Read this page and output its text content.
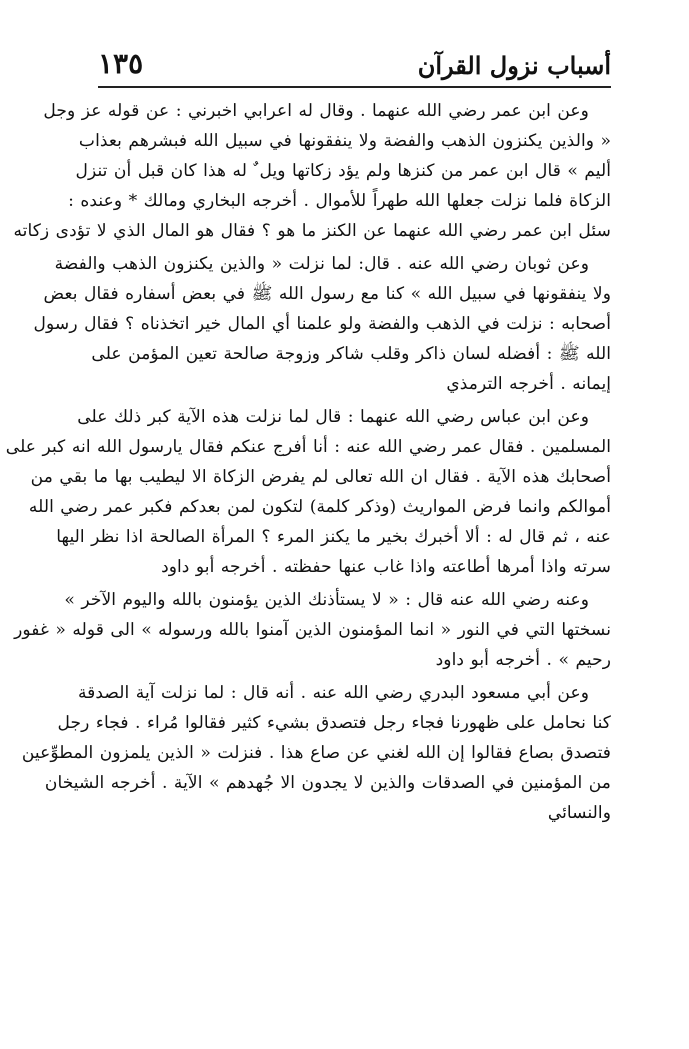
أسباب نزول القرآن
١٣٥
وعن ابن عمر رضي الله عنهما . وقال له اعرابي اخبرني : عن قوله عز وجل
« والذين يكنزون الذهب والفضة ولا ينفقونها في سبيل الله فبشرهم بعذاب
أليم » قال ابن عمر من كنزها ولم يؤد زكاتها ويل ٌ له هذا كان قبل أن تنزل
الزكاة فلما نزلت جعلها الله طهراً للأموال . أخرجه البخاري ومالك * وعنده :
سئل ابن عمر رضي الله عنهما عن الكنز ما هو ؟ فقال هو المال الذي لا تؤدى زكاته
وعن ثوبان رضي الله عنه . قال: لما نزلت « والذين يكنزون الذهب والفضة
ولا ينفقونها في سبيل الله » كنا مع رسول الله ﷺ في بعض أسفاره فقال بعض
أصحابه : نزلت في الذهب والفضة ولو علمنا أي المال خير اتخذناه ؟ فقال رسول
الله ﷺ : أفضله لسان ذاكر وقلب شاكر وزوجة صالحة تعين المؤمن على
إيمانه . أخرجه الترمذي
وعن ابن عباس رضي الله عنهما : قال لما نزلت هذه الآية كبر ذلك على
المسلمين . فقال عمر رضي الله عنه : أنا أفرج عنكم فقال يارسول الله انه كبر على
أصحابك هذه الآية . فقال ان الله تعالى لم يفرض الزكاة الا ليطيب بها ما بقي من
أموالكم وانما فرض المواريث (وذكر كلمة) لتكون لمن بعدكم فكبر عمر رضي الله
عنه ، ثم قال له : ألا أخبرك بخير ما يكنز المرء ؟ المرأة الصالحة اذا نظر اليها
سرته واذا أمرها أطاعته واذا غاب عنها حفظته . أخرجه أبو داود
وعنه رضي الله عنه قال : « لا يستأذنك الذين يؤمنون بالله واليوم الآخر »
نسختها التي في النور « انما المؤمنون الذين آمنوا بالله ورسوله » الى قوله « غفور
رحيم » . أخرجه أبو داود
وعن أبي مسعود البدري رضي الله عنه . أنه قال : لما نزلت آية الصدقة
كنا نحامل على ظهورنا فجاء رجل فتصدق بشيء كثير فقالوا مُراء . فجاء رجل
فتصدق بصاع فقالوا إن الله لغني عن صاع هذا . فنزلت « الذين يلمزون المطوِّعين
من المؤمنين في الصدقات والذين لا يجدون الا جُهدهم » الآية . أخرجه الشيخان
والنسائي
